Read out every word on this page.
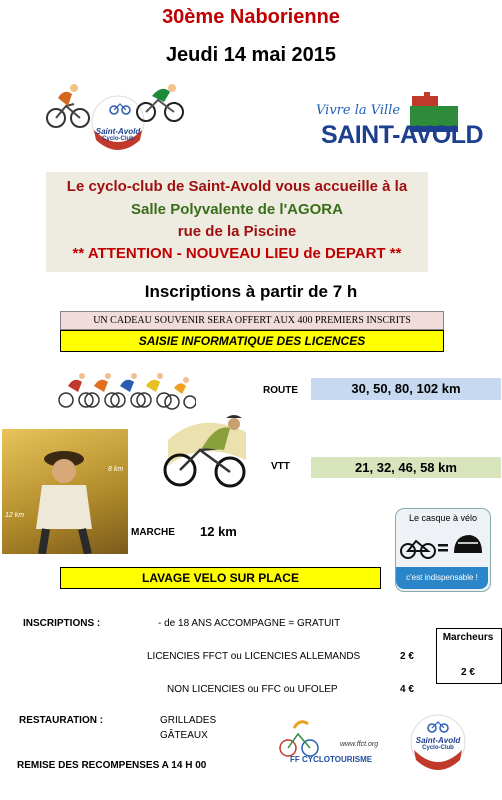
30ème Naborienne
Jeudi 14 mai 2015
Saint-Avold
Cyclo-Club
Vivre la Ville
SAINT-AVOLD
Le cyclo-club de Saint-Avold vous accueille à la
Salle Polyvalente de l'AGORA
rue de la Piscine
** ATTENTION - NOUVEAU LIEU de DEPART **
Inscriptions à partir de 7 h
UN CADEAU SOUVENIR SERA OFFERT AUX 400 PREMIERS INSCRITS
SAISIE INFORMATIQUE DES LICENCES
ROUTE	30, 50, 80, 102 km
8 km
12 km
VTT	21, 32, 46, 58 km
MARCHE 12 km
Le casque à vélo
c'est indispensable !
LAVAGE VELO SUR PLACE
INSCRIPTIONS :	- de 18 ANS ACCOMPAGNE = GRATUIT
LICENCIES FFCT ou LICENCIES ALLEMANDS	2 €
NON LICENCIES ou FFC ou UFOLEP	4 €
Marcheurs
2 €
RESTAURATION :	GRILLADES
GÂTEAUX
www.ffct.org
FF CYCLOTOURISME
Saint-Avold
Cyclo-Club
REMISE DES RECOMPENSES A 14 H 00
